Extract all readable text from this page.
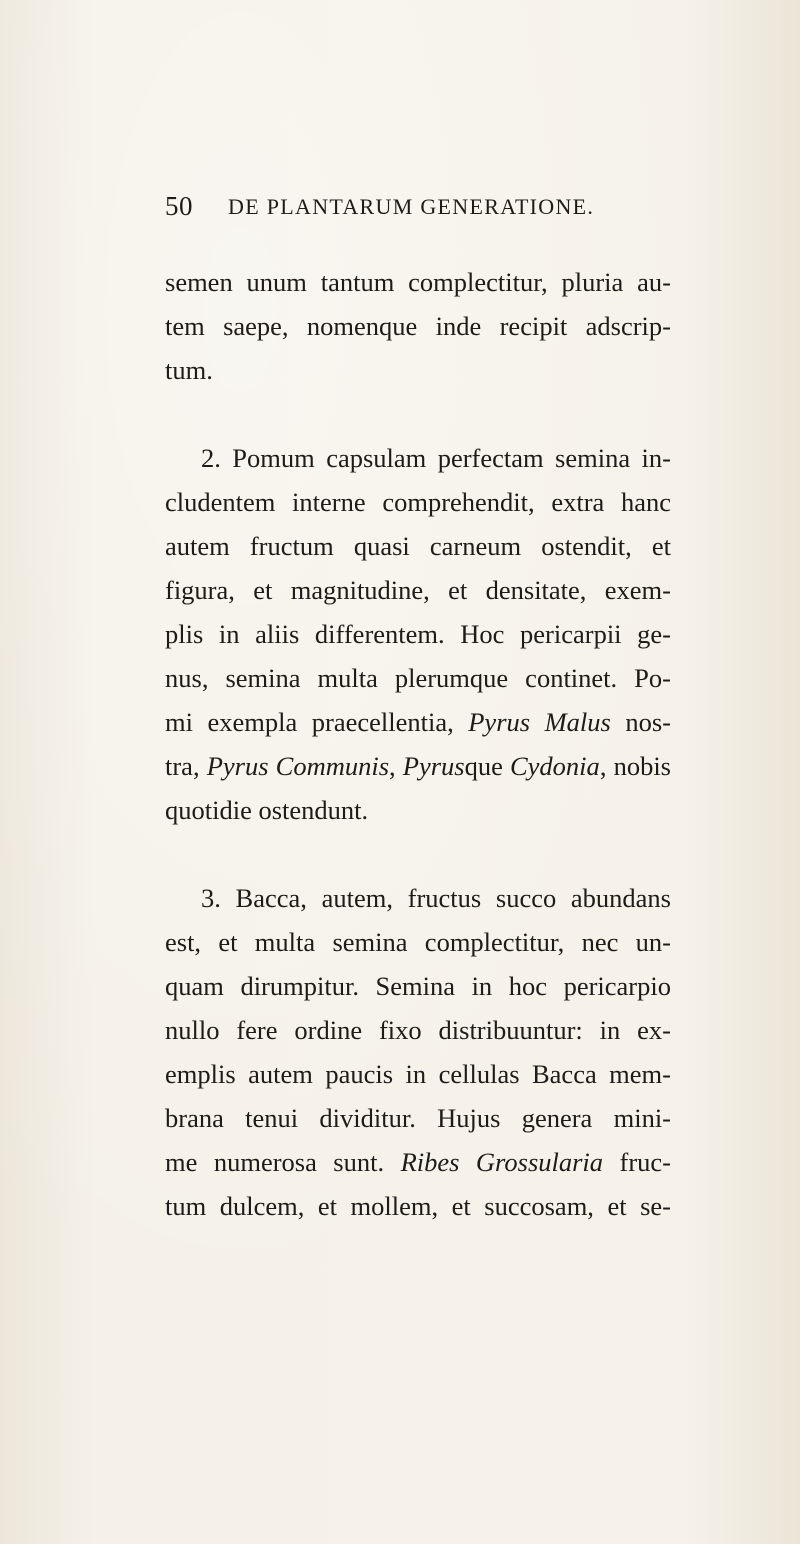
50 DE PLANTARUM GENERATIONE.
semen unum tantum complectitur, pluria au-
tem saepe, nomenque inde recipit adscrip-
tum.
2. Pomum capsulam perfectam semina in-
cludentem interne comprehendit, extra hanc
autem fructum quasi carneum ostendit, et
figura, et magnitudine, et densitate, exem-
plis in aliis differentem. Hoc pericarpii ge-
nus, semina multa plerumque continet. Po-
mi exempla praecellentia, Pyrus Malus nos-
tra, Pyrus Communis, Pyrusque Cydonia, nobis
quotidie ostendunt.
3. Bacca, autem, fructus succo abundans
est, et multa semina complectitur, nec un-
quam dirumpitur. Semina in hoc pericarpio
nullo fere ordine fixo distribuuntur: in ex-
emplis autem paucis in cellulas Bacca mem-
brana tenui dividitur. Hujus genera mini-
me numerosa sunt. Ribes Grossularia fruc-
tum dulcem, et mollem, et succosam, et se-
